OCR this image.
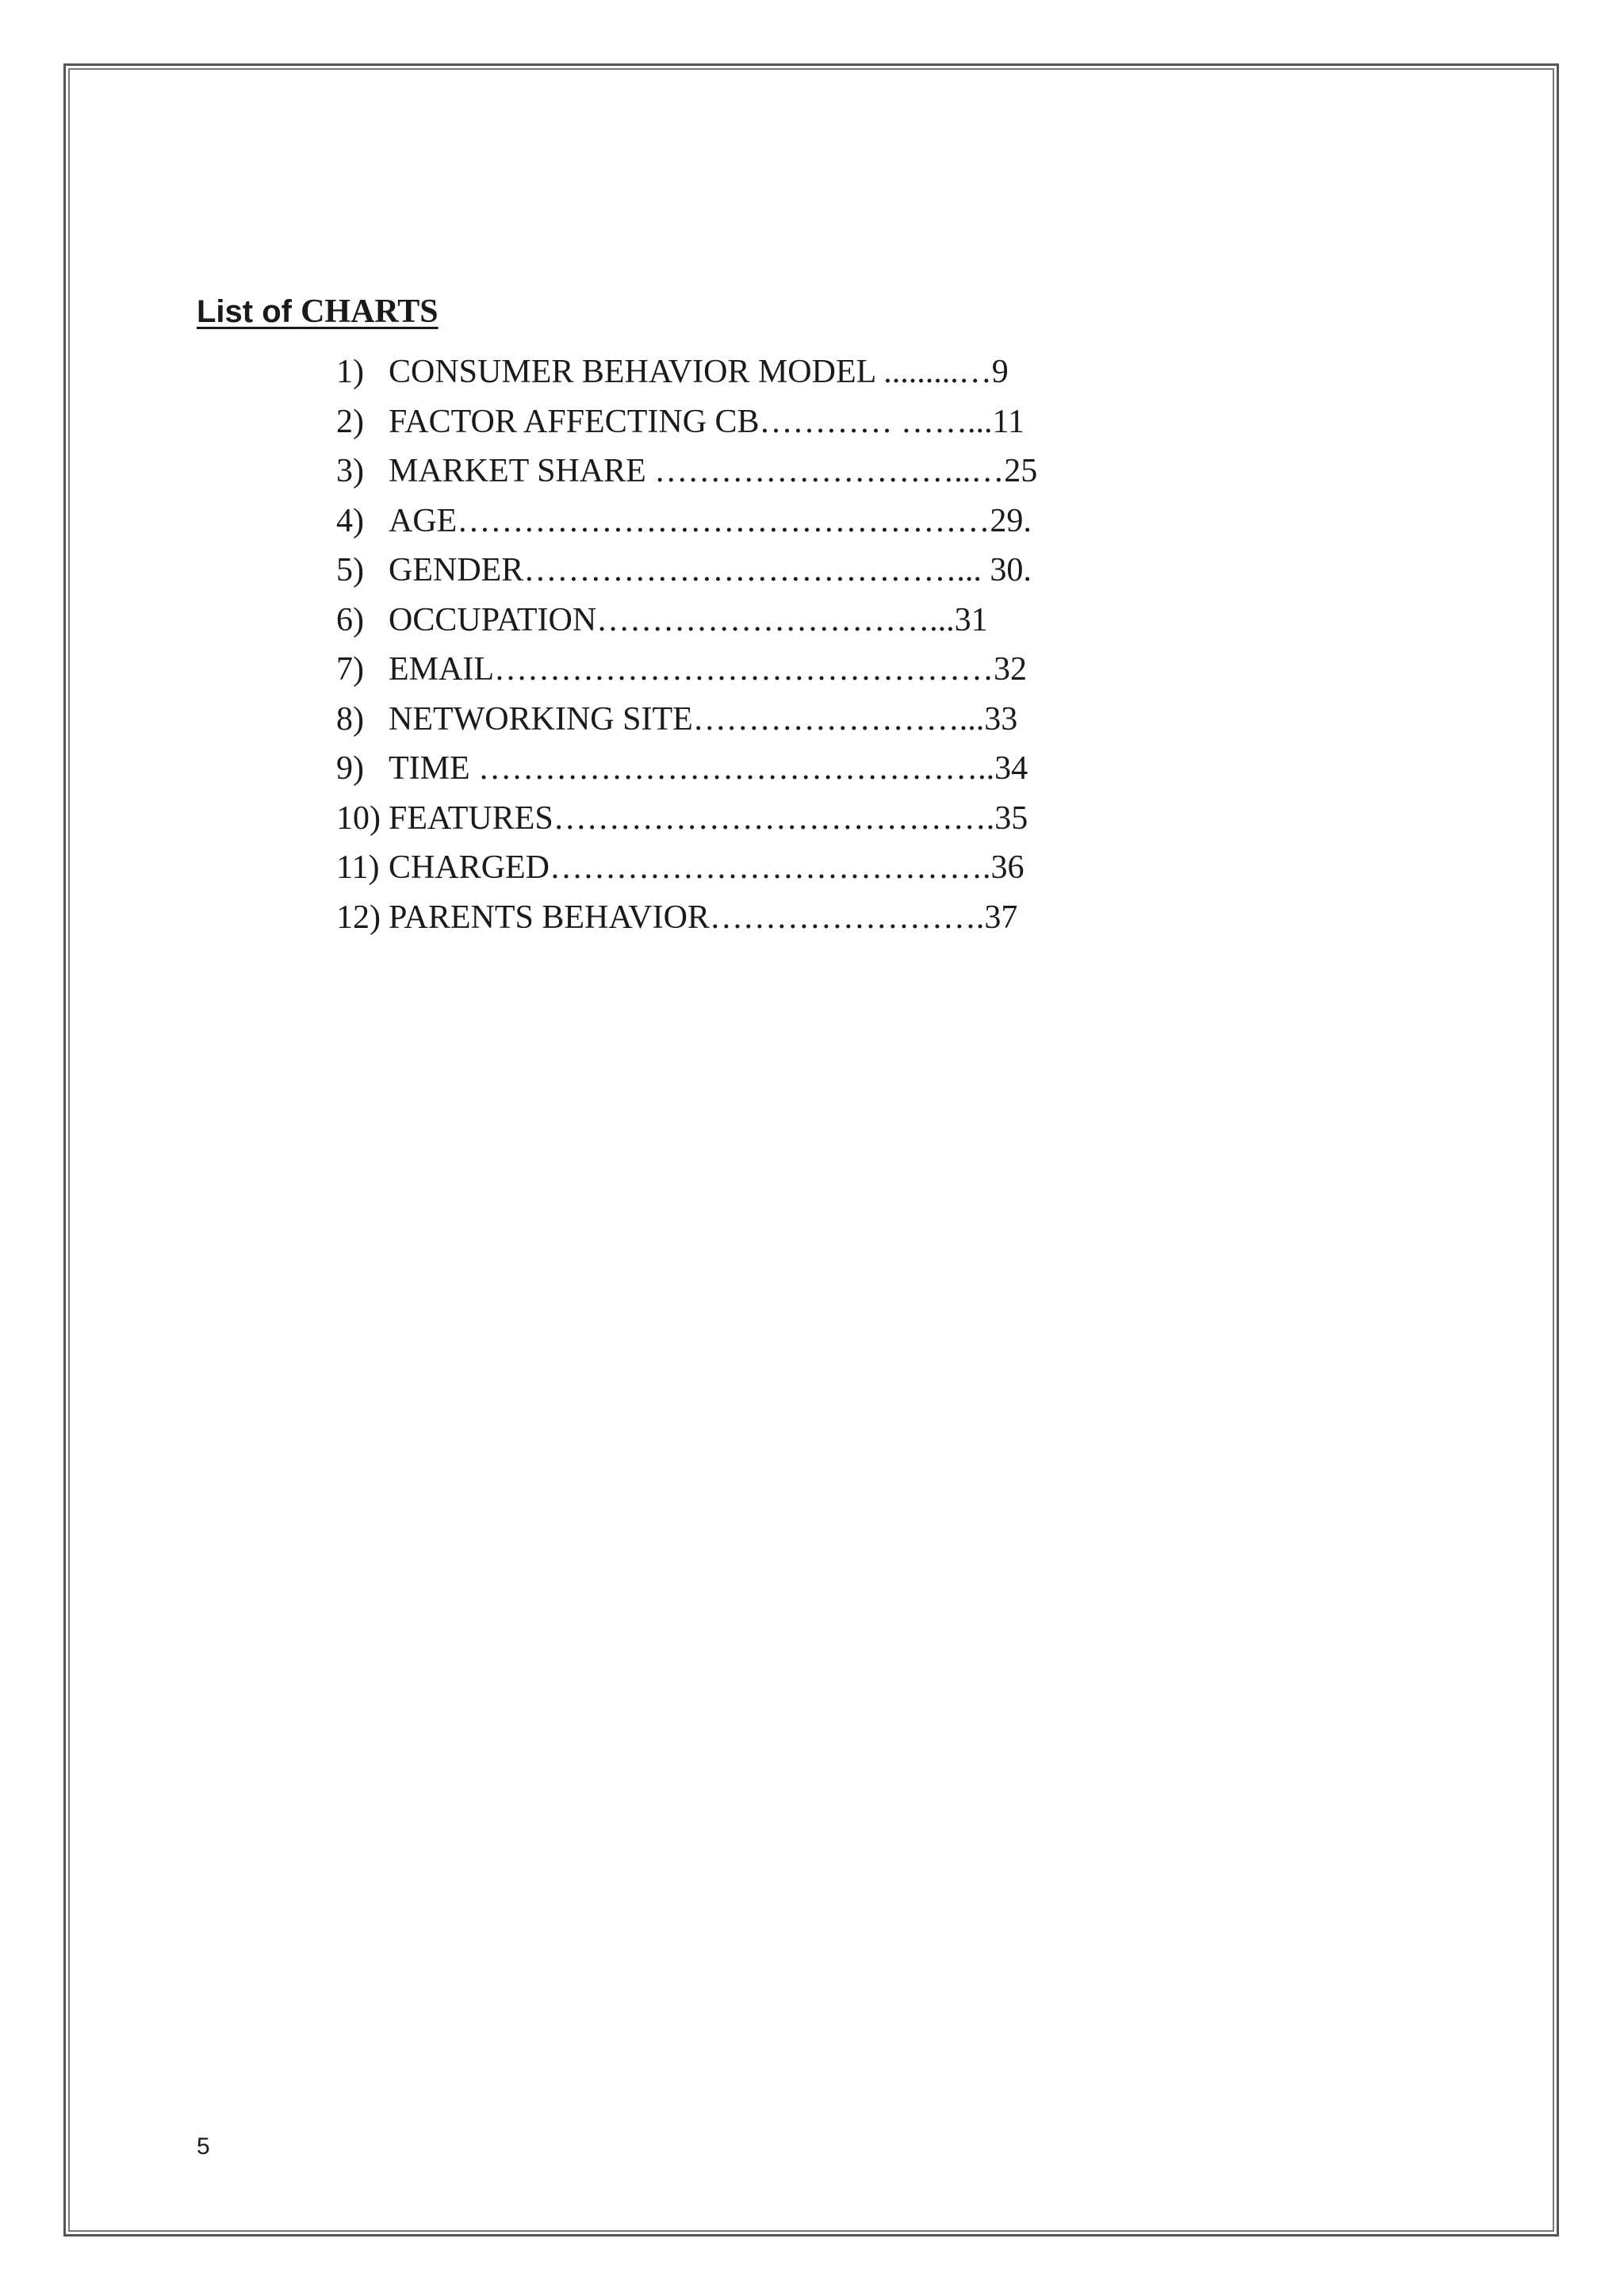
List of CHARTS
1) CONSUMER BEHAVIOR MODEL .........…9
2) FACTOR AFFECTING CB………… ……...11
3) MARKET SHARE ………………………..…25
4) AGE…………………………………………29.
5) GENDER…………………………………... 30.
6) OCCUPATION…………………………...31
7) EMAIL………………………………………32
8) NETWORKING SITE……………………...33
9) TIME ………………………………………..34
10) FEATURES………………………………….35
11) CHARGED………………………………….36
12) PARENTS BEHAVIOR…………………….37
5
